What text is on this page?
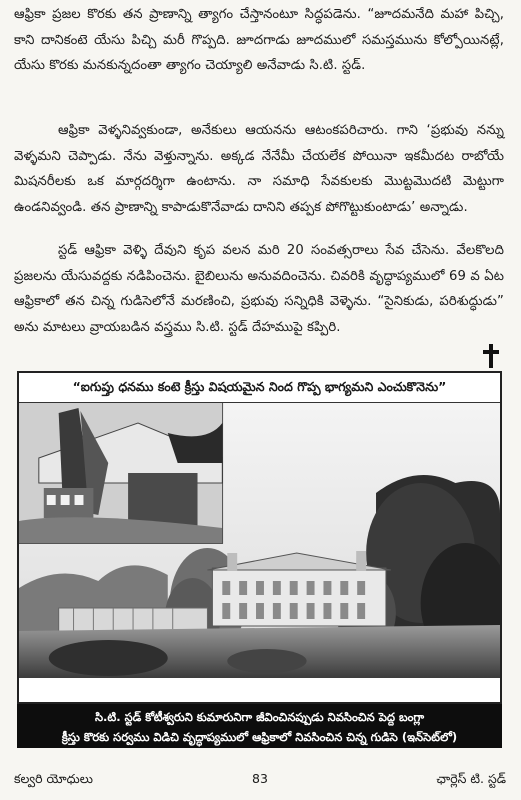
ఆఫ్రికా ప్రజల కొరకు తన ప్రాణాన్ని త్యాగం చేస్తానంటూ సిద్ధపడెను. “జూదమనేది మహా పిచ్చి, కాని దానికంటె యేసు పిచ్చి మరీ గొప్పది. జూదగాడు జూదములో సమస్తమును కోల్పోయినట్లే, యేసు కొరకు మనకున్నదంతా త్యాగం చెయ్యాలి అనేవాడు సి.టి. స్టడ్.

ఆఫ్రికా వెళ్ళనివ్వకుండా, అనేకులు ఆయనను ఆటంకపరిచారు. గాని ‘ప్రభువు నన్ను వెళ్ళమని చెప్పాడు. నేను వెళ్తున్నాను. అక్కడ నేనేమీ చేయలేక పోయినా ఇకమీదట రాబోయే మిషనరీలకు ఒక మార్గదర్శిగా ఉంటాను. నా సమాధి సేవకులకు మొట్టమొదటి మెట్టుగా ఉండనివ్వండి. తన ప్రాణాన్ని కాపాడుకొనేవాడు దానిని తప్పక పోగొట్టుకుంటాడు’ అన్నాడు.

స్టడ్ ఆఫ్రికా వెళ్ళి దేవుని కృప వలన మరి 20 సంవత్సరాలు సేవ చేసెను. వేలకొలది ప్రజలను యేసువద్దకు నడిపించెను. బైబిలును అనువదించెను. చివరికి వృద్ధాప్యములో 69 వ ఏట ఆఫ్రికాలో తన చిన్న గుడిసెలోనే మరణించి, ప్రభువు సన్నిధికి వెళ్ళెను. “సైనికుడు, పరిశుద్ధుడు” అను మాటలు వ్రాయబడిన వస్త్రము సి.టి. స్టడ్ దేహముపై కప్పిరి.

“ఐగుప్తు ధనము కంటె క్రీస్తు విషయమైన నింద గొప్ప భాగ్యమని ఎంచుకొనెను”
సి.టి. స్టడ్ కోటీశ్వరుని కుమారునిగా జీవించినప్పుడు నివసించిన పెద్ద బంగ్లా
క్రీస్తు కొరకు సర్వము విడిచి వృద్ధాప్యములో ఆఫ్రికాలో నివసించిన చిన్న గుడిసె (ఇన్‌సెట్‌లో)
కల్వరి యోధులు	83	ఛార్లెస్ టి. స్టడ్
